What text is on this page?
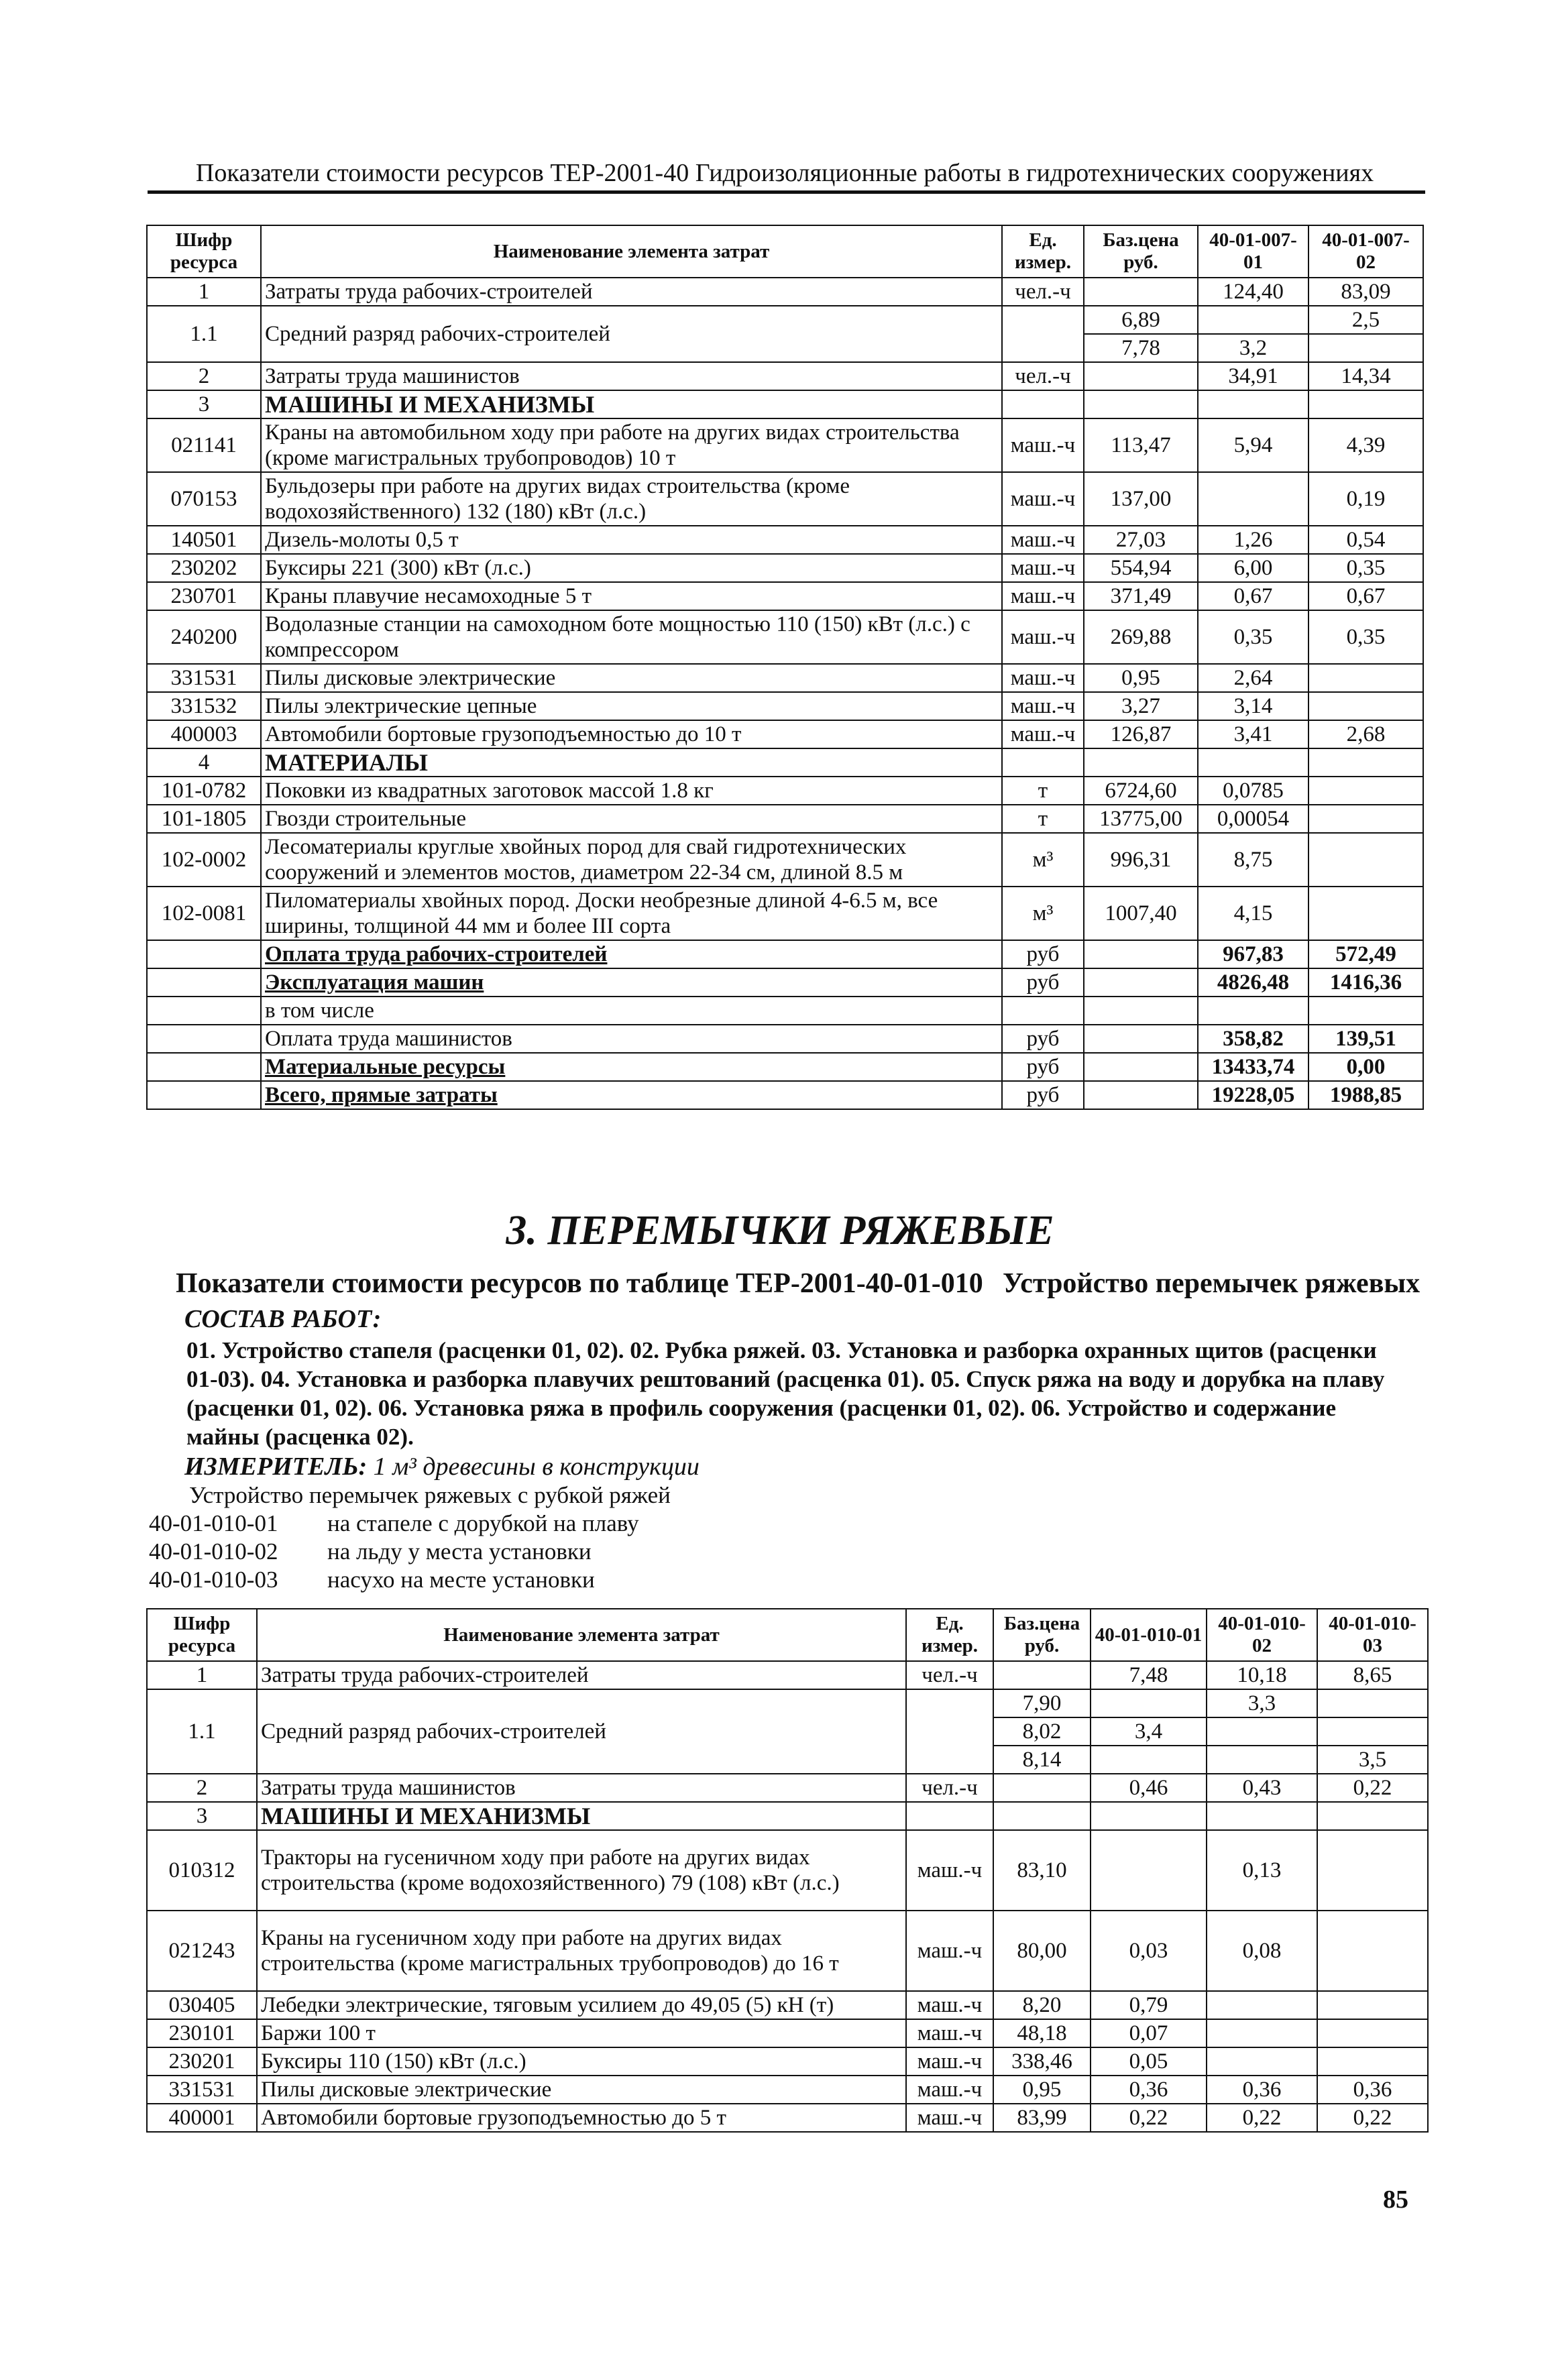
Показатели стоимости ресурсов ТЕР-2001-40 Гидроизоляционные работы в гидротехнических сооружениях
Шифр ресурса	Наименование элемента затрат	Ед. измер.	Баз.цена руб.	40-01-007-01	40-01-007-02
1	Затраты труда рабочих-строителей	чел.-ч		124,40	83,09
1.1	Средний разряд рабочих-строителей		6,89		2,5
			7,78	3,2	
2	Затраты труда машинистов	чел.-ч		34,91	14,34
3	МАШИНЫ И МЕХАНИЗМЫ				
021141	Краны на автомобильном ходу при работе на других видах строительства (кроме магистральных трубопроводов) 10 т	маш.-ч	113,47	5,94	4,39
070153	Бульдозеры при работе на других видах строительства (кроме водохозяйственного) 132 (180) кВт (л.с.)	маш.-ч	137,00		0,19
140501	Дизель-молоты 0,5 т	маш.-ч	27,03	1,26	0,54
230202	Буксиры 221 (300) кВт (л.с.)	маш.-ч	554,94	6,00	0,35
230701	Краны плавучие несамоходные 5 т	маш.-ч	371,49	0,67	0,67
240200	Водолазные станции на самоходном боте мощностью 110 (150) кВт (л.с.) с компрессором	маш.-ч	269,88	0,35	0,35
331531	Пилы дисковые электрические	маш.-ч	0,95	2,64	
331532	Пилы электрические цепные	маш.-ч	3,27	3,14	
400003	Автомобили бортовые грузоподъемностью до 10 т	маш.-ч	126,87	3,41	2,68
4	МАТЕРИАЛЫ				
101-0782	Поковки из квадратных заготовок массой 1.8 кг	т	6724,60	0,0785	
101-1805	Гвозди строительные	т	13775,00	0,00054	
102-0002	Лесоматериалы круглые хвойных пород для свай гидротехнических сооружений и элементов мостов, диаметром 22-34 см, длиной 8.5 м	м³	996,31	8,75	
102-0081	Пиломатериалы хвойных пород. Доски необрезные длиной 4-6.5 м, все ширины, толщиной 44 мм и более III сорта	м³	1007,40	4,15	
	Оплата труда рабочих-строителей	руб		967,83	572,49
	Эксплуатация машин	руб		4826,48	1416,36
	в том числе				
	Оплата труда машинистов	руб		358,82	139,51
	Материальные ресурсы	руб		13433,74	0,00
	Всего, прямые затраты	руб		19228,05	1988,85
3. ПЕРЕМЫЧКИ РЯЖЕВЫЕ
Показатели стоимости ресурсов по таблице ТЕР-2001-40-01-010 Устройство перемычек ряжевых
СОСТАВ РАБОТ:
01. Устройство стапеля (расценки 01, 02). 02. Рубка ряжей. 03. Установка и разборка охранных щитов (расценки 01-03). 04. Установка и разборка плавучих рештований (расценка 01). 05. Спуск ряжа на воду и дорубка на плаву (расценки 01, 02). 06. Установка ряжа в профиль сооружения (расценки 01, 02). 06. Устройство и содержание майны (расценка 02).
ИЗМЕРИТЕЛЬ: 1 м³ древесины в конструкции
Устройство перемычек ряжевых с рубкой ряжей
40-01-010-01 на стапеле с дорубкой на плаву
40-01-010-02 на льду у места установки
40-01-010-03 насухо на месте установки
Шифр ресурса	Наименование элемента затрат	Ед. измер.	Баз.цена руб.	40-01-010-01	40-01-010-02	40-01-010-03
1	Затраты труда рабочих-строителей	чел.-ч		7,48	10,18	8,65
1.1	Средний разряд рабочих-строителей		7,90		3,3	
			8,02	3,4		
			8,14			3,5
2	Затраты труда машинистов	чел.-ч		0,46	0,43	0,22
3	МАШИНЫ И МЕХАНИЗМЫ					
010312	Тракторы на гусеничном ходу при работе на других видах строительства (кроме водохозяйственного) 79 (108) кВт (л.с.)	маш.-ч	83,10		0,13	
021243	Краны на гусеничном ходу при работе на других видах строительства (кроме магистральных трубопроводов) до 16 т	маш.-ч	80,00	0,03	0,08	
030405	Лебедки электрические, тяговым усилием до 49,05 (5) кН (т)	маш.-ч	8,20	0,79		
230101	Баржи 100 т	маш.-ч	48,18	0,07		
230201	Буксиры 110 (150) кВт (л.с.)	маш.-ч	338,46	0,05		
331531	Пилы дисковые электрические	маш.-ч	0,95	0,36	0,36	0,36
400001	Автомобили бортовые грузоподъемностью до 5 т	маш.-ч	83,99	0,22	0,22	0,22
85
